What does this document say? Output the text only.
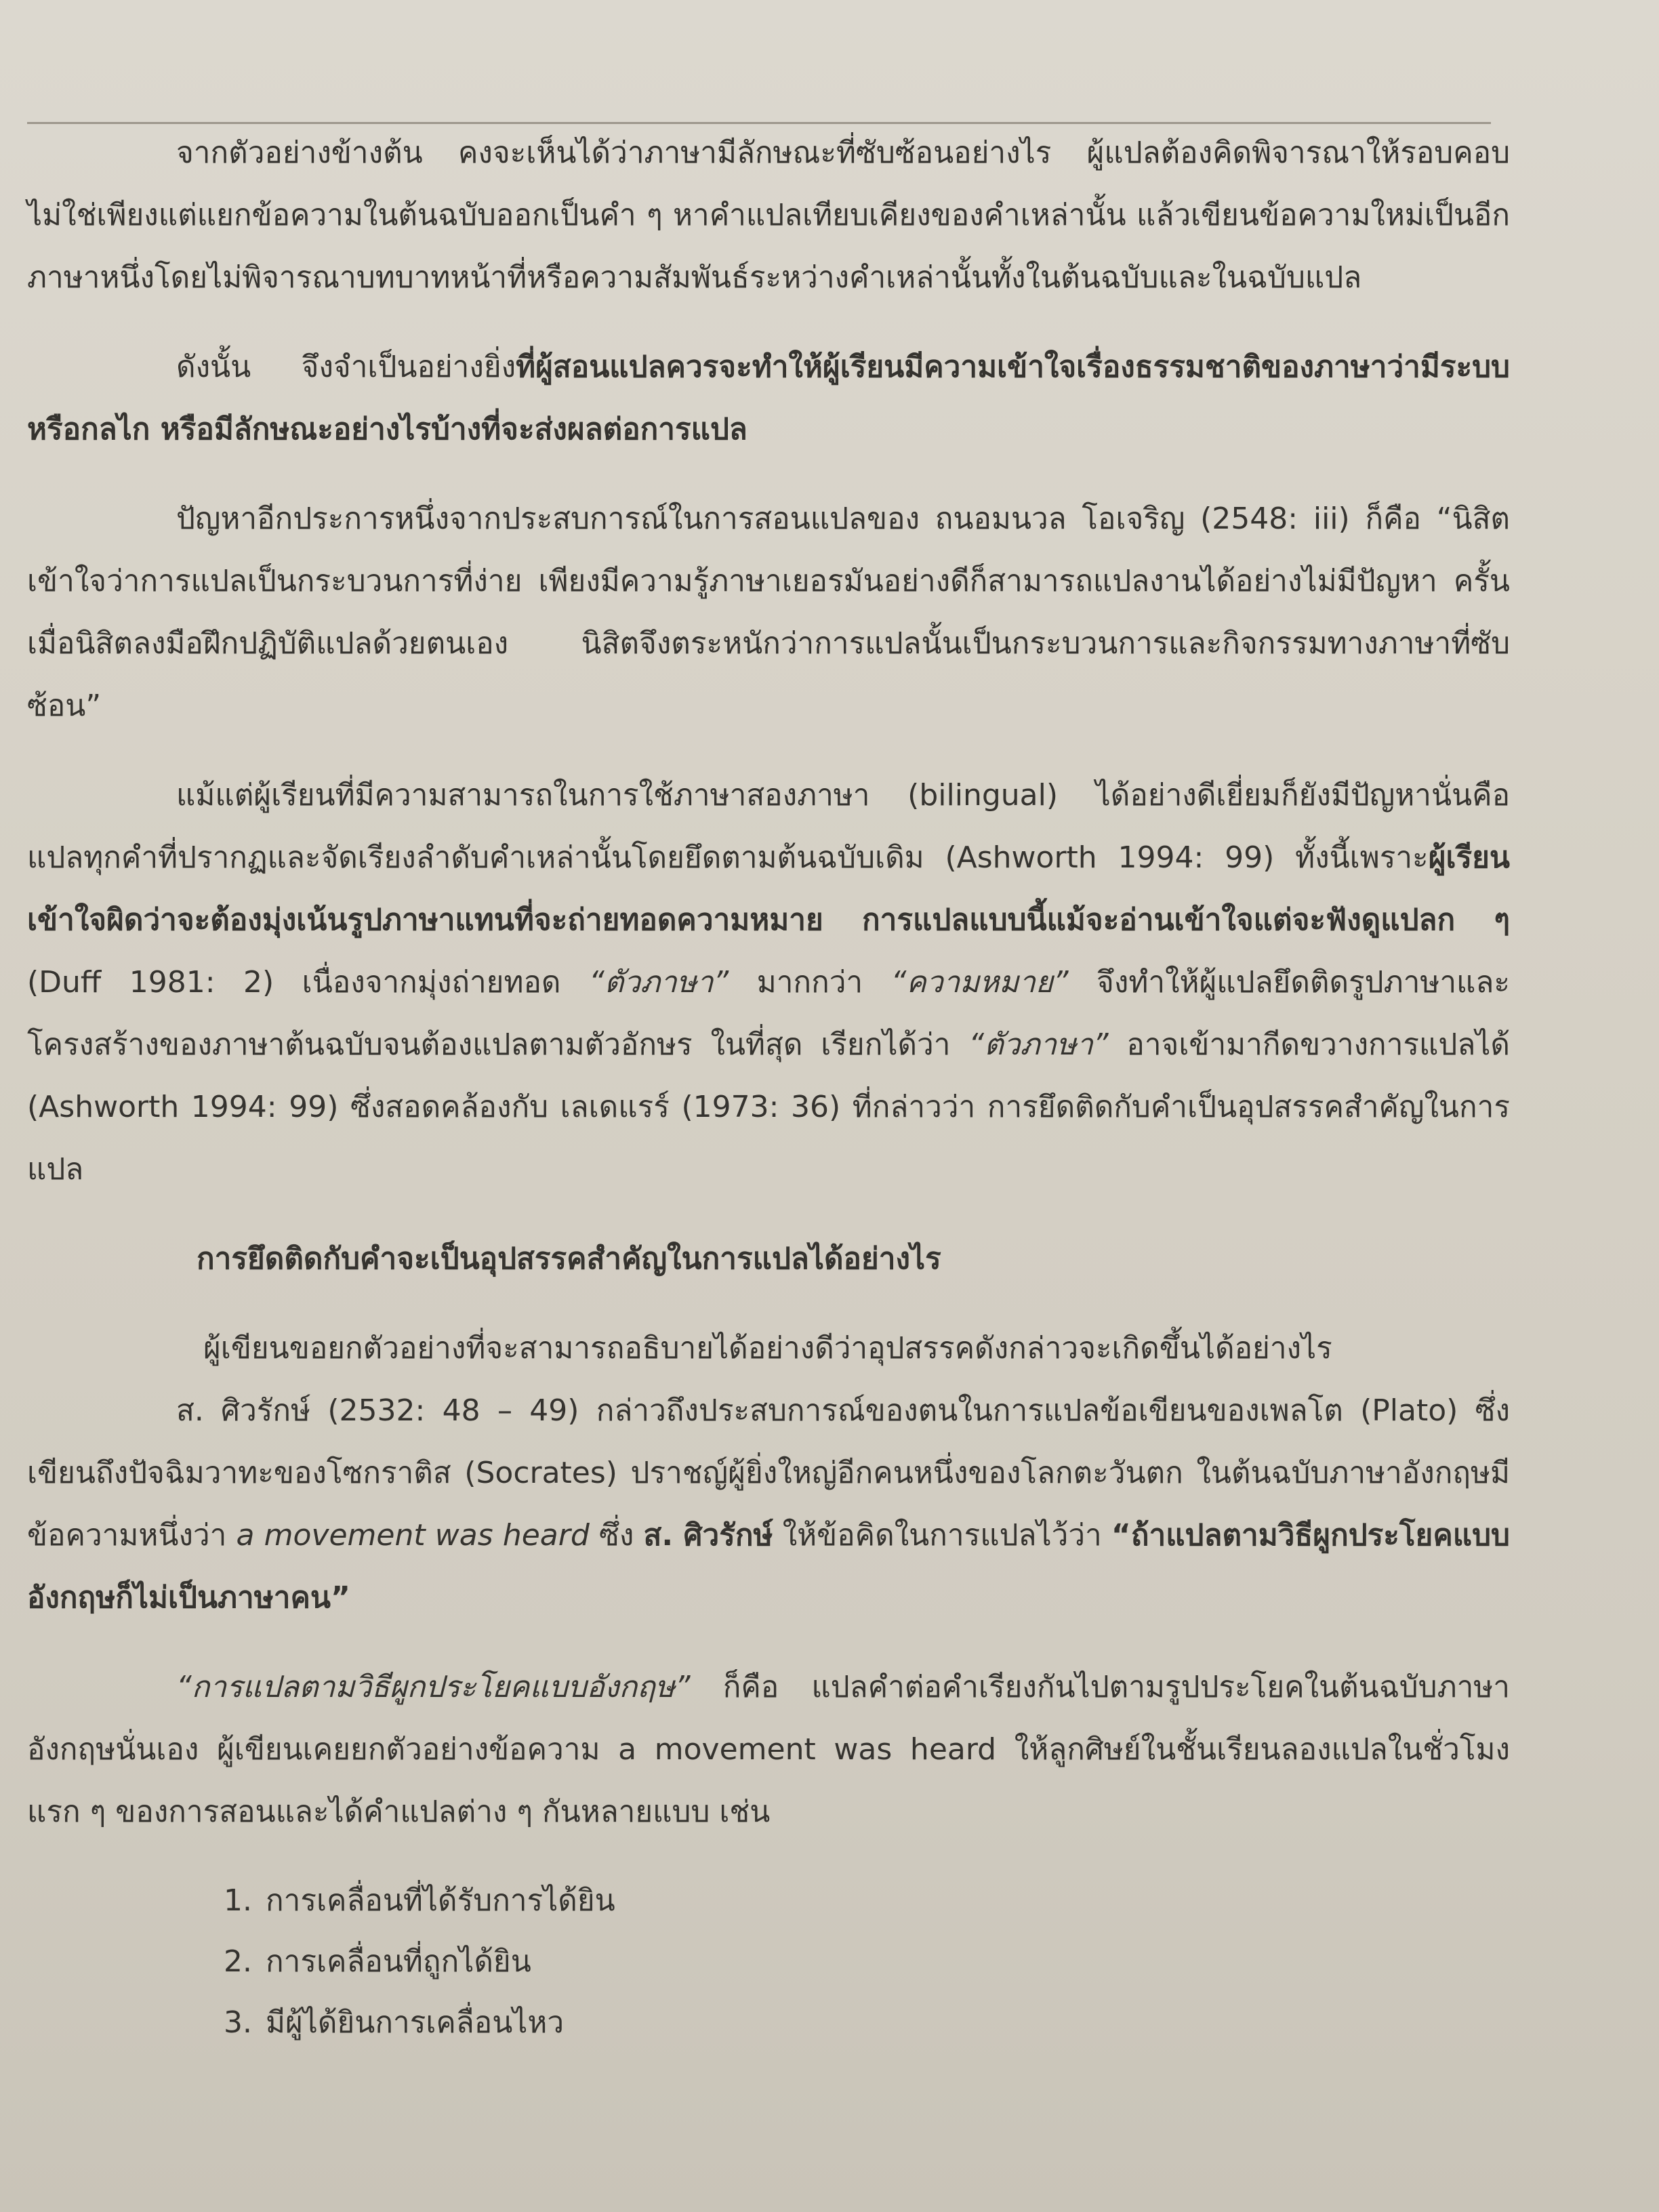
จากตัวอย่างข้างต้น คงจะเห็นได้ว่าภาษามีลักษณะที่ซับซ้อนอย่างไร ผู้แปลต้องคิดพิจารณาให้รอบคอบ ไม่ใช่เพียงแต่แยกข้อความในต้นฉบับออกเป็นคำ ๆ หาคำแปลเทียบเคียงของคำเหล่านั้น แล้วเขียนข้อความใหม่เป็นอีกภาษาหนึ่งโดยไม่พิจารณาบทบาทหน้าที่หรือความสัมพันธ์ระหว่างคำเหล่านั้นทั้งในต้นฉบับและในฉบับแปล

ดังนั้น จึงจำเป็นอย่างยิ่งที่ผู้สอนแปลควรจะทำให้ผู้เรียนมีความเข้าใจเรื่องธรรมชาติของภาษาว่ามีระบบ หรือกลไก หรือมีลักษณะอย่างไรบ้างที่จะส่งผลต่อการแปล

ปัญหาอีกประการหนึ่งจากประสบการณ์ในการสอนแปลของ ถนอมนวล โอเจริญ (2548: iii) ก็คือ “นิสิตเข้าใจว่าการแปลเป็นกระบวนการที่ง่าย เพียงมีความรู้ภาษาเยอรมันอย่างดีก็สามารถแปลงานได้อย่างไม่มีปัญหา ครั้นเมื่อนิสิตลงมือฝึกปฏิบัติแปลด้วยตนเอง นิสิตจึงตระหนักว่าการแปลนั้นเป็นกระบวนการและกิจกรรมทางภาษาที่ซับซ้อน”

แม้แต่ผู้เรียนที่มีความสามารถในการใช้ภาษาสองภาษา (bilingual) ได้อย่างดีเยี่ยมก็ยังมีปัญหานั่นคือ แปลทุกคำที่ปรากฏและจัดเรียงลำดับคำเหล่านั้นโดยยึดตามต้นฉบับเดิม (Ashworth 1994: 99) ทั้งนี้เพราะผู้เรียนเข้าใจผิดว่าจะต้องมุ่งเน้นรูปภาษาแทนที่จะถ่ายทอดความหมาย การแปลแบบนี้แม้จะอ่านเข้าใจแต่จะฟังดูแปลก ๆ (Duff 1981: 2) เนื่องจากมุ่งถ่ายทอด “ตัวภาษา” มากกว่า “ความหมาย” จึงทำให้ผู้แปลยึดติดรูปภาษาและโครงสร้างของภาษาต้นฉบับจนต้องแปลตามตัวอักษร ในที่สุด เรียกได้ว่า “ตัวภาษา” อาจเข้ามากีดขวางการแปลได้ (Ashworth 1994: 99) ซึ่งสอดคล้องกับ เลเดแรร์ (1973: 36) ที่กล่าวว่า การยึดติดกับคำเป็นอุปสรรคสำคัญในการแปล

การยึดติดกับคำจะเป็นอุปสรรคสำคัญในการแปลได้อย่างไร

ผู้เขียนขอยกตัวอย่างที่จะสามารถอธิบายได้อย่างดีว่าอุปสรรคดังกล่าวจะเกิดขึ้นได้อย่างไร

ส. ศิวรักษ์ (2532: 48 – 49) กล่าวถึงประสบการณ์ของตนในการแปลข้อเขียนของเพลโต (Plato) ซึ่งเขียนถึงปัจฉิมวาทะของโซกราติส (Socrates) ปราชญ์ผู้ยิ่งใหญ่อีกคนหนึ่งของโลกตะวันตก ในต้นฉบับภาษาอังกฤษมีข้อความหนึ่งว่า a movement was heard ซึ่ง ส. ศิวรักษ์ ให้ข้อคิดในการแปลไว้ว่า “ถ้าแปลตามวิธีผูกประโยคแบบอังกฤษก็ไม่เป็นภาษาคน”

“การแปลตามวิธีผูกประโยคแบบอังกฤษ” ก็คือ แปลคำต่อคำเรียงกันไปตามรูปประโยคในต้นฉบับภาษาอังกฤษนั่นเอง ผู้เขียนเคยยกตัวอย่างข้อความ a movement was heard ให้ลูกศิษย์ในชั้นเรียนลองแปลในชั่วโมงแรก ๆ ของการสอนและได้คำแปลต่าง ๆ กันหลายแบบ เช่น

1. การเคลื่อนที่ได้รับการได้ยิน
2. การเคลื่อนที่ถูกได้ยิน
3. มีผู้ได้ยินการเคลื่อนไหว
